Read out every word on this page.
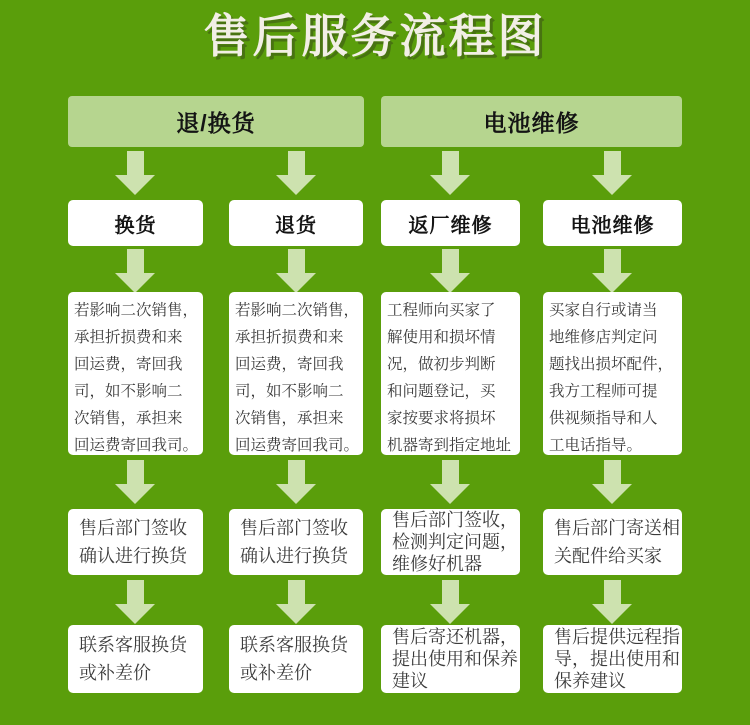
售后服务流程图
退/换货	电池维修
换货	退货	返厂维修	电池维修
若影响二次销售，
承担折损费和来
回运费，寄回我
司，如不影响二
次销售，承担来
回运费寄回我司。
若影响二次销售，
承担折损费和来
回运费，寄回我
司，如不影响二
次销售，承担来
回运费寄回我司。
工程师向买家了
解使用和损坏情
况，做初步判断
和问题登记，买
家按要求将损坏
机器寄到指定地址
买家自行或请当
地维修店判定问
题找出损坏配件，
我方工程师可提
供视频指导和人
工电话指导。
售后部门签收
确认进行换货
售后部门签收
确认进行换货
售后部门签收，
检测判定问题，
维修好机器
售后部门寄送相
关配件给买家
联系客服换货
或补差价
联系客服换货
或补差价
售后寄还机器，
提出使用和保养
建议
售后提供远程指
导，提出使用和
保养建议
